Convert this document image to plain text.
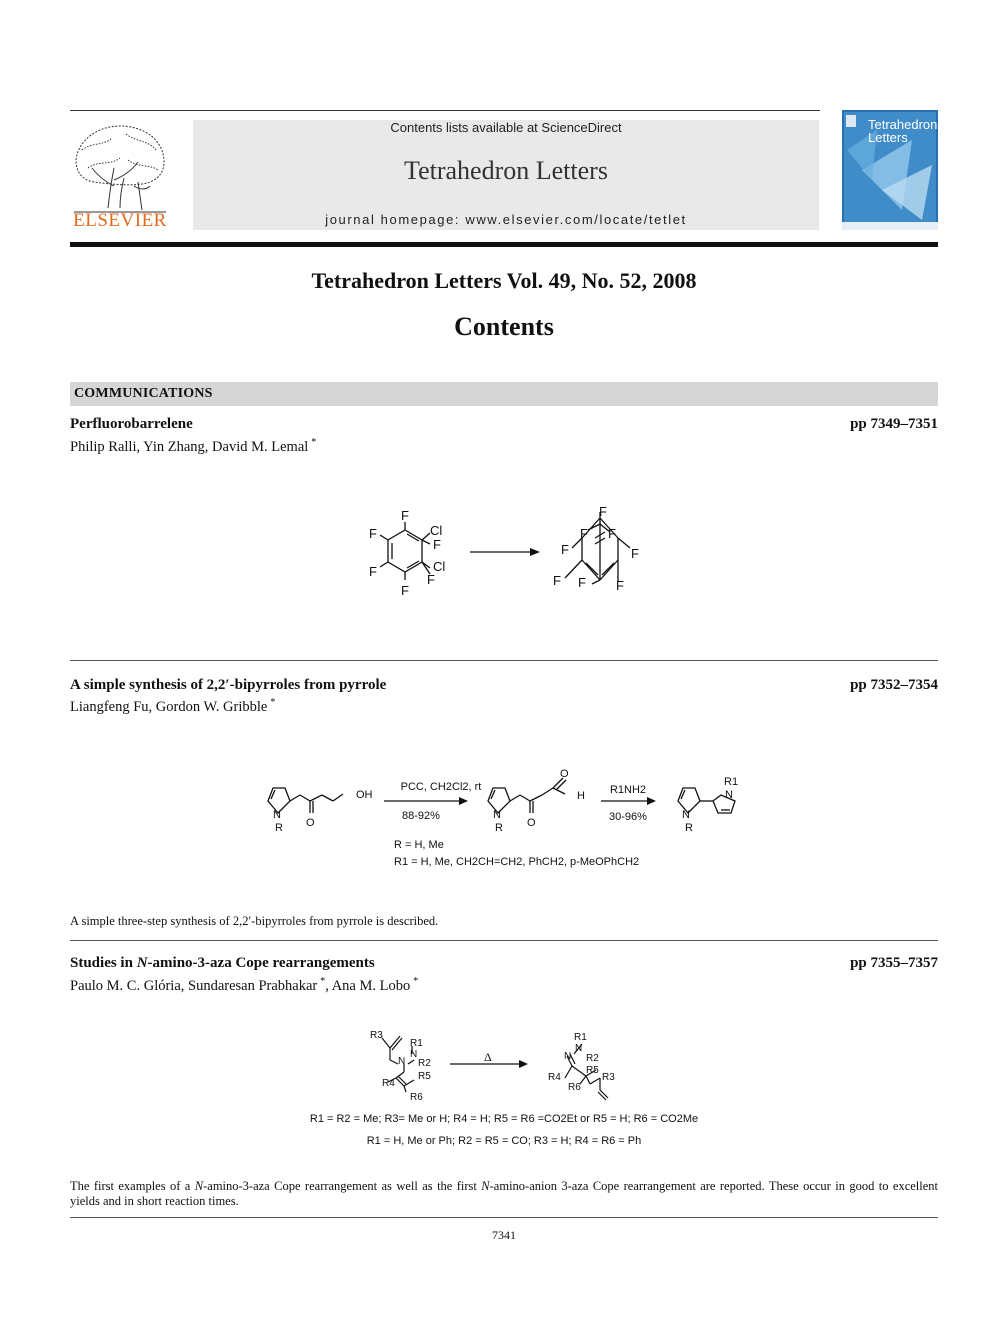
ELSEVIER
Contents lists available at ScienceDirect
Tetrahedron Letters
journal homepage: www.elsevier.com/locate/tetlet
Tetrahedron
Letters
Tetrahedron Letters Vol. 49, No. 52, 2008
Contents
COMMUNICATIONS
Perfluorobarrelene	pp 7349–7351
Philip Ralli, Yin Zhang, David M. Lemal *
F
F
F
F
Cl
F
Cl
F
F
F F
F	F
F F F
A simple synthesis of 2,2′-bipyrroles from pyrrole	pp 7352–7354
Liangfeng Fu, Gordon W. Gribble *
N
R O
OH
N
R O
O
H
N
R
R1
N
PCC, CH2Cl2, rt
88-92%
R1NH2
30-96%
R = H, Me
R1 = H, Me, CH2CH=CH2, PhCH2, p-MeOPhCH2
A simple three-step synthesis of 2,2′-bipyrroles from pyrrole is described.
Studies in N-amino-3-aza Cope rearrangements	pp 7355–7357
Paulo M. C. Glória, Sundaresan Prabhakar *, Ana M. Lobo *
R3
R1
N
N R2
R4
R5
R6
Δ
R1
N
N R2
R4
R6
R5
R3
R1 = R2 = Me; R3= Me or H; R4 = H; R5 = R6 =CO2Et or R5 = H; R6 = CO2Me
R1 = H, Me or Ph; R2 = R5 = CO; R3 = H; R4 = R6 = Ph
The first examples of a N-amino-3-aza Cope rearrangement as well as the first N-amino-anion 3-aza Cope rearrangement are reported. These occur in good to excellent yields and in short reaction times.
7341
